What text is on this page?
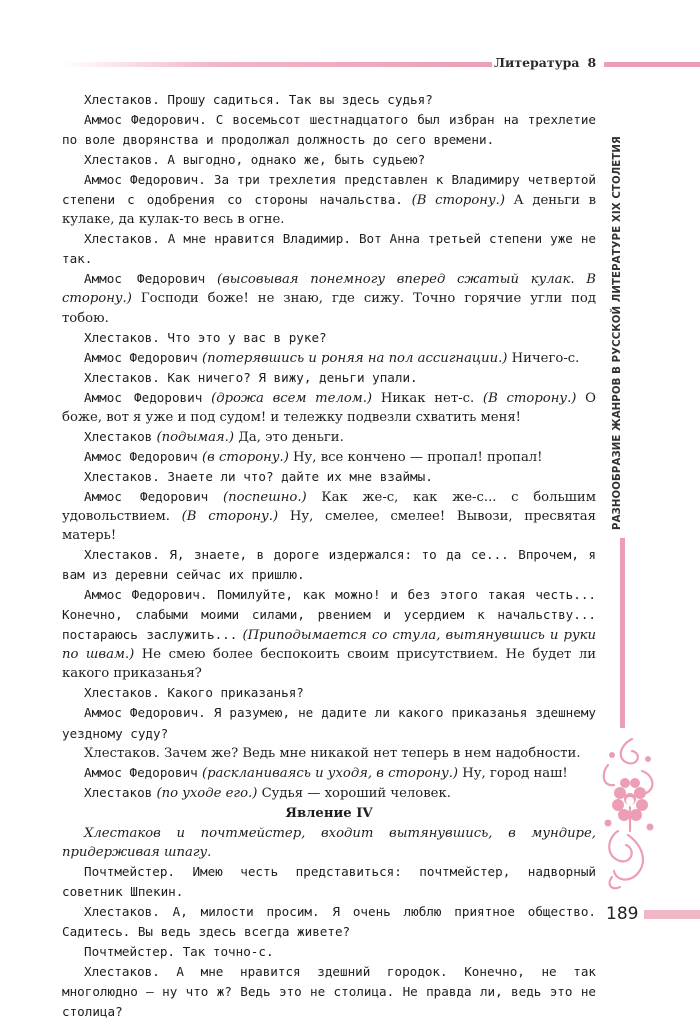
Литература 8
РАЗНООБРАЗИЕ ЖАНРОВ В РУССКОЙ ЛИТЕРАТУРЕ XIX СТОЛЕТИЯ
189

Хлестаков. Прошу садиться. Так вы здесь судья?

Аммос Федорович. С восемьсот шестнадцатого был избран на трехлетие по воле дворянства и продолжал должность до сего времени.

Хлестаков. А выгодно, однако же, быть судьею?

Аммос Федорович. За три трехлетия представлен к Владимиру четвертой степени с одобрения со стороны начальства. (В сторону.) А деньги в кулаке, да кулак-то весь в огне.

Хлестаков. А мне нравится Владимир. Вот Анна третьей степени уже не так.

Аммос Федорович (высовывая понемногу вперед сжатый кулак. В сторону.) Господи боже! не знаю, где сижу. Точно горячие угли под тобою.

Хлестаков. Что это у вас в руке?

Аммос Федорович (потерявшись и роняя на пол ассигнации.) Ничего-с.

Хлестаков. Как ничего? Я вижу, деньги упали.

Аммос Федорович (дрожа всем телом.) Никак нет-с. (В сторону.) О боже, вот я уже и под судом! и тележку подвезли схватить меня!

Хлестаков (подымая.) Да, это деньги.

Аммос Федорович (в сторону.) Ну, все кончено — пропал! пропал!

Хлестаков. Знаете ли что? дайте их мне взаймы.

Аммос Федорович (поспешно.) Как же-с, как же-с... с большим удовольствием. (В сторону.) Ну, смелее, смелее! Вывози, пресвятая матерь!

Хлестаков. Я, знаете, в дороге издержался: то да се... Впрочем, я вам из деревни сейчас их пришлю.

Аммос Федорович. Помилуйте, как можно! и без этого такая честь... Конечно, слабыми моими силами, рвением и усердием к начальству... постараюсь заслужить... (Приподымается со стула, вытянувшись и руки по швам.) Не смею более беспокоить своим присутствием. Не будет ли какого приказанья?

Хлестаков. Какого приказанья?

Аммос Федорович. Я разумею, не дадите ли какого приказанья здешнему уездному суду?

Хлестаков. Зачем же? Ведь мне никакой нет теперь в нем надобности.

Аммос Федорович (раскланиваясь и уходя, в сторону.) Ну, город наш!

Хлестаков (по уходе его.) Судья — хороший человек.

Явление IV

Хлестаков и почтмейстер, входит вытянувшись, в мундире, придерживая шпагу.

Почтмейстер. Имею честь представиться: почтмейстер, надворный советник Шпекин.

Хлестаков. А, милости просим. Я очень люблю приятное общество. Садитесь. Вы ведь здесь всегда живете?

Почтмейстер. Так точно-с.

Хлестаков. А мне нравится здешний городок. Конечно, не так многолюдно — ну что ж? Ведь это не столица. Не правда ли, ведь это не столица?
